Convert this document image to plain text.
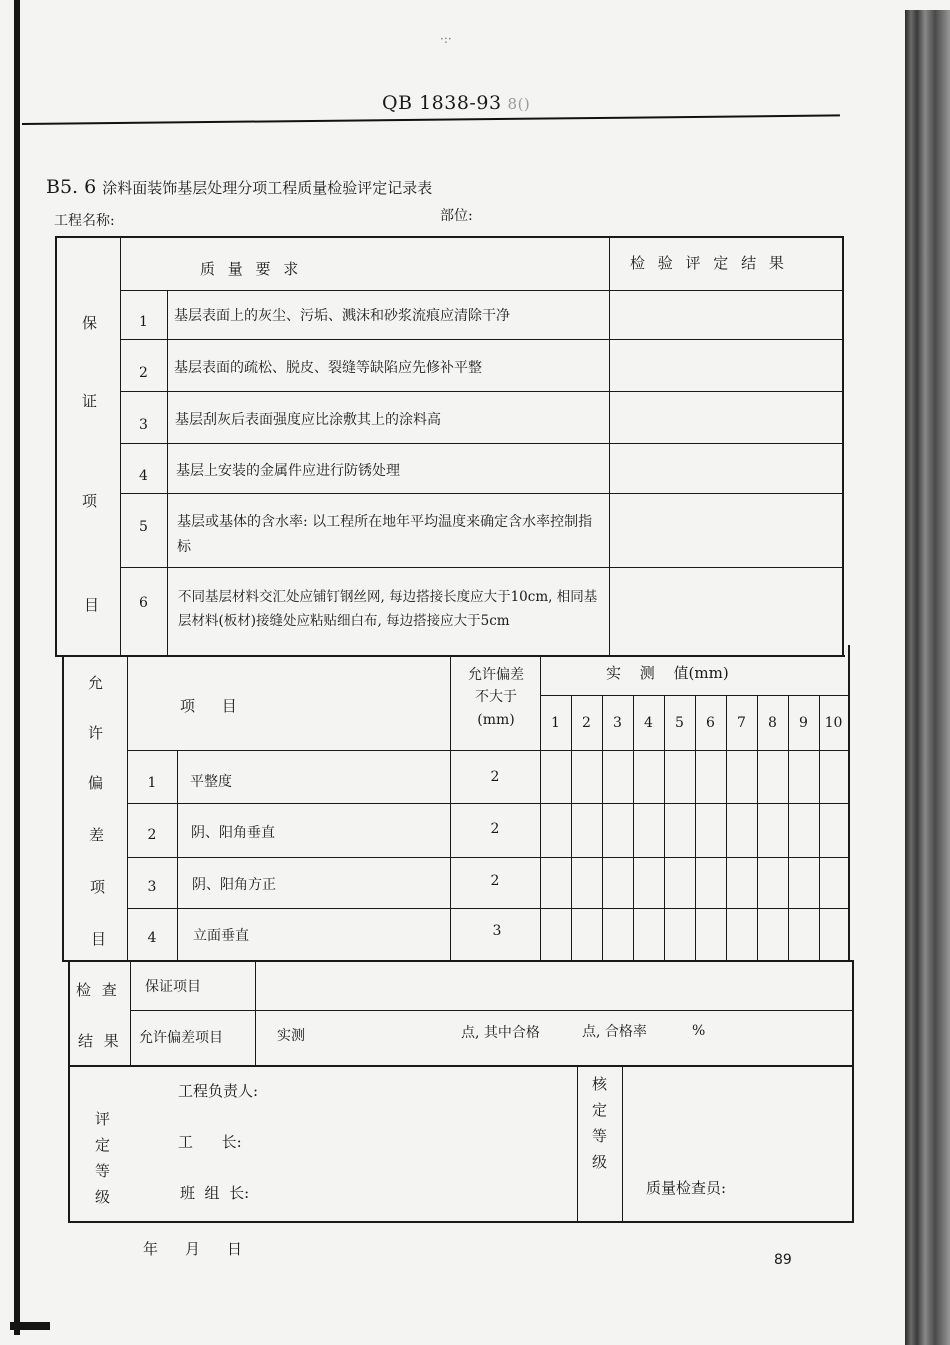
·:·
QB 1838-93 8()
B5. 6 涂料面装饰基层处理分项工程质量检验评定记录表
工程名称:	部位:
保
证
项
目
质 量 要 求	检 验 评 定 结 果
1	基层表面上的灰尘、污垢、溅沫和砂浆流痕应清除干净
2	基层表面的疏松、脱皮、裂缝等缺陷应先修补平整
3	基层刮灰后表面强度应比涂敷其上的涂料高
4	基层上安装的金属件应进行防锈处理
5	基层或基体的含水率: 以工程所在地年平均温度来确定含水率控制指标
6	不同基层材料交汇处应铺钉钢丝网, 每边搭接长度应大于10cm, 相同基层材料(板材)接缝处应粘贴细白布, 每边搭接应大于5cm
允
许
偏
差
项
目
项 目
允许偏差
不大于
(mm)
实 测 值(mm)
1	2	3	4	5	6	7	8	9	10
1	平整度	2
2	阴、阳角垂直	2
3	阴、阳角方正	2
4	立面垂直	3
检 查
结 果
保证项目
允许偏差项目	实测	点, 其中合格	点, 合格率	%
评
定
等
级
工程负责人:
工      长:
班  组  长:
核
定
等
级
质量检查员:
年 月 日
89
